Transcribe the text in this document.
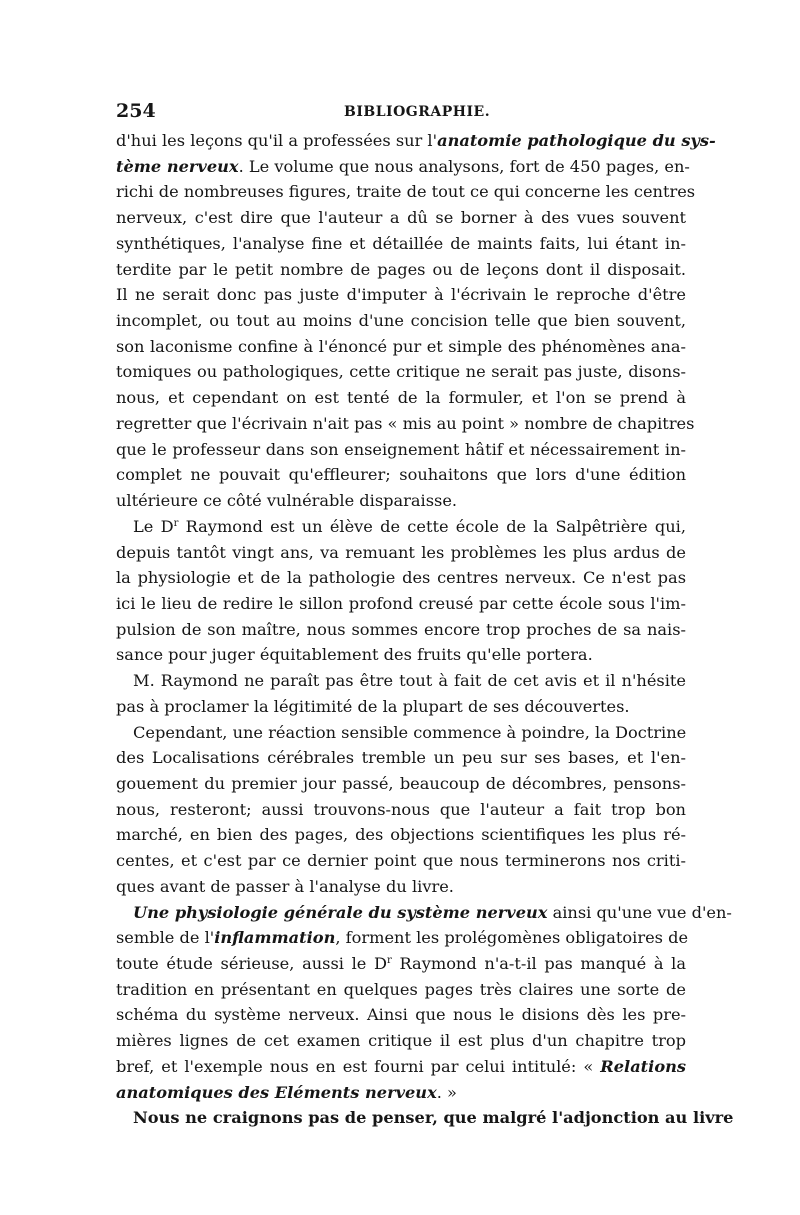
254	BIBLIOGRAPHIE.
d'hui les leçons qu'il a professées sur l'anatomie pathologique du sys-
tème nerveux. Le volume que nous analysons, fort de 450 pages, en-
richi de nombreuses figures, traite de tout ce qui concerne les centres
nerveux, c'est dire que l'auteur a dû se borner à des vues souvent
synthétiques, l'analyse fine et détaillée de maints faits, lui étant in-
terdite par le petit nombre de pages ou de leçons dont il disposait.
Il ne serait donc pas juste d'imputer à l'écrivain le reproche d'être
incomplet, ou tout au moins d'une concision telle que bien souvent,
son laconisme confine à l'énoncé pur et simple des phénomènes ana-
tomiques ou pathologiques, cette critique ne serait pas juste, disons-
nous, et cependant on est tenté de la formuler, et l'on se prend à
regretter que l'écrivain n'ait pas « mis au point » nombre de chapitres
que le professeur dans son enseignement hâtif et nécessairement in-
complet ne pouvait qu'effleurer; souhaitons que lors d'une édition
ultérieure ce côté vulnérable disparaisse.
Le $D^r$ Raymond est un élève de cette école de la Salpêtrière qui,
depuis tantôt vingt ans, va remuant les problèmes les plus ardus de
la physiologie et de la pathologie des centres nerveux. Ce n'est pas
ici le lieu de redire le sillon profond creusé par cette école sous l'im-
pulsion de son maître, nous sommes encore trop proches de sa nais-
sance pour juger équitablement des fruits qu'elle portera.
M. Raymond ne paraît pas être tout à fait de cet avis et il n'hésite
pas à proclamer la légitimité de la plupart de ses découvertes.
Cependant, une réaction sensible commence à poindre, la Doctrine
des Localisations cérébrales tremble un peu sur ses bases, et l'en-
gouement du premier jour passé, beaucoup de décombres, pensons-
nous, resteront; aussi trouvons-nous que l'auteur a fait trop bon
marché, en bien des pages, des objections scientifiques les plus ré-
centes, et c'est par ce dernier point que nous terminerons nos criti-
ques avant de passer à l'analyse du livre.
Une physiologie générale du système nerveux ainsi qu'une vue d'en-
semble de l'inflammation, forment les prolégomènes obligatoires de
toute étude sérieuse, aussi le $D^r$ Raymond n'a-t-il pas manqué à la
tradition en présentant en quelques pages très claires une sorte de
schéma du système nerveux. Ainsi que nous le disions dès les pre-
mières lignes de cet examen critique il est plus d'un chapitre trop
bref, et l'exemple nous en est fourni par celui intitulé: « Relations
anatomiques des Eléments nerveux. »
Nous ne craignons pas de penser, que malgré l'adjonction au livre
